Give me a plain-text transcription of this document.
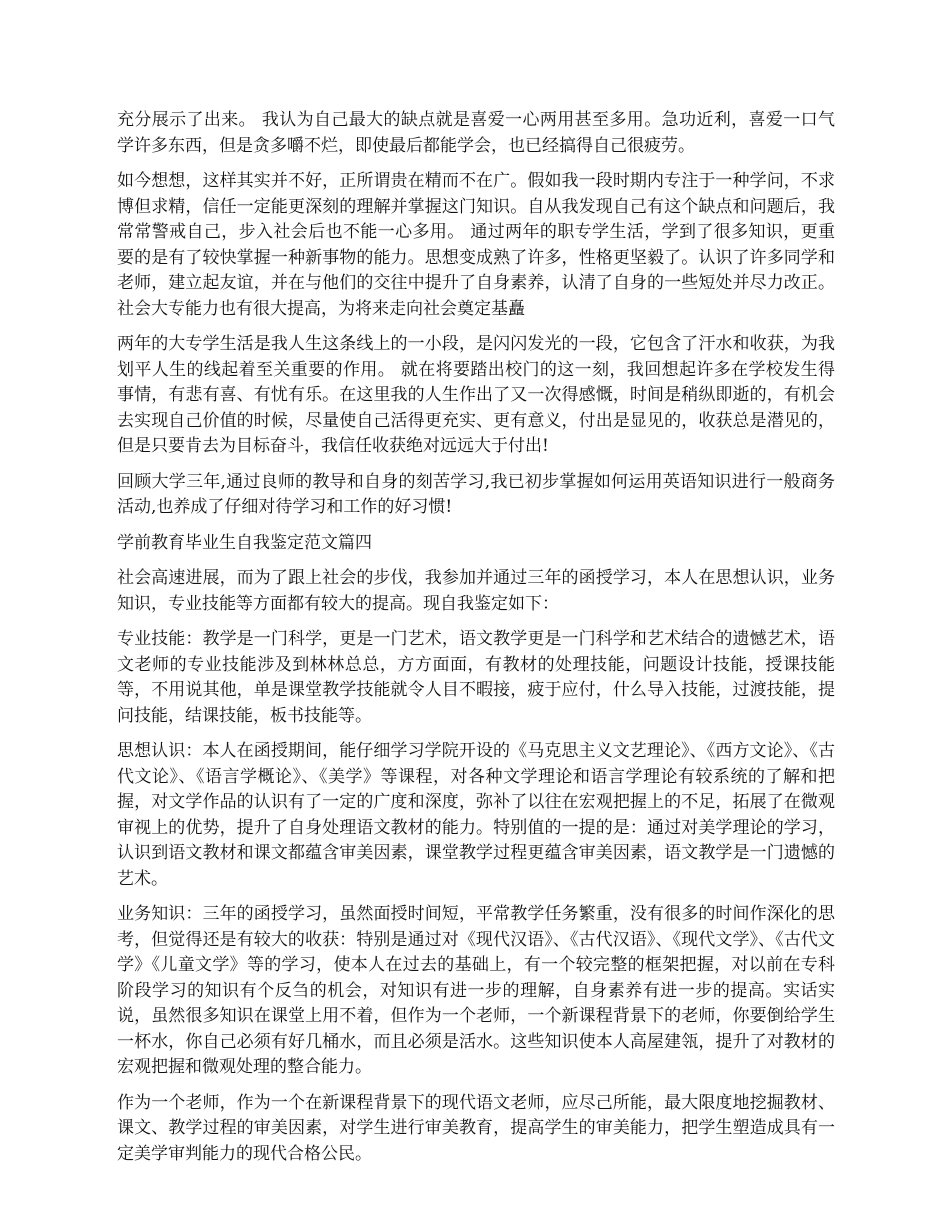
充分展示了出来。 我认为自己最大的缺点就是喜爱一心两用甚至多用。急功近利，喜爱一口气学许多东西，但是贪多嚼不烂，即使最后都能学会，也已经搞得自己很疲劳。

如今想想，这样其实并不好，正所谓贵在精而不在广。假如我一段时期内专注于一种学问，不求博但求精，信任一定能更深刻的理解并掌握这门知识。自从我发现自己有这个缺点和问题后，我常常警戒自己，步入社会后也不能一心多用。 通过两年的职专学生活，学到了很多知识，更重要的是有了较快掌握一种新事物的能力。思想变成熟了许多，性格更坚毅了。认识了许多同学和老师，建立起友谊，并在与他们的交往中提升了自身素养，认清了自身的一些短处并尽力改正。社会大专能力也有很大提高，为将来走向社会奠定基矗

两年的大专学生活是我人生这条线上的一小段，是闪闪发光的一段，它包含了汗水和收获，为我划平人生的线起着至关重要的作用。 就在将要踏出校门的这一刻，我回想起许多在学校发生得事情，有悲有喜、有忧有乐。在这里我的人生作出了又一次得感慨，时间是稍纵即逝的，有机会去实现自己价值的时候，尽量使自己活得更充实、更有意义，付出是显见的，收获总是潜见的，但是只要肯去为目标奋斗，我信任收获绝对远远大于付出!

回顾大学三年,通过良师的教导和自身的刻苦学习,我已初步掌握如何运用英语知识进行一般商务活动,也养成了仔细对待学习和工作的好习惯!

学前教育毕业生自我鉴定范文篇四

社会高速进展，而为了跟上社会的步伐，我参加并通过三年的函授学习，本人在思想认识，业务知识，专业技能等方面都有较大的提高。现自我鉴定如下：

专业技能：教学是一门科学，更是一门艺术，语文教学更是一门科学和艺术结合的遗憾艺术，语文老师的专业技能涉及到林林总总，方方面面，有教材的处理技能，问题设计技能，授课技能等，不用说其他，单是课堂教学技能就令人目不暇接，疲于应付，什么导入技能，过渡技能，提问技能，结课技能，板书技能等。

思想认识：本人在函授期间，能仔细学习学院开设的《马克思主义文艺理论》、《西方文论》、《古代文论》、《语言学概论》、《美学》等课程，对各种文学理论和语言学理论有较系统的了解和把握，对文学作品的认识有了一定的广度和深度，弥补了以往在宏观把握上的不足，拓展了在微观审视上的优势，提升了自身处理语文教材的能力。特别值的一提的是：通过对美学理论的学习，认识到语文教材和课文都蕴含审美因素，课堂教学过程更蕴含审美因素，语文教学是一门遗憾的艺术。

业务知识：三年的函授学习，虽然面授时间短，平常教学任务繁重，没有很多的时间作深化的思考，但觉得还是有较大的收获：特别是通过对《现代汉语》、《古代汉语》、《现代文学》、《古代文学》《儿童文学》等的学习，使本人在过去的基础上，有一个较完整的框架把握，对以前在专科阶段学习的知识有个反刍的机会，对知识有进一步的理解，自身素养有进一步的提高。实话实说，虽然很多知识在课堂上用不着，但作为一个老师，一个新课程背景下的老师，你要倒给学生一杯水，你自己必须有好几桶水，而且必须是活水。这些知识使本人高屋建瓴，提升了对教材的宏观把握和微观处理的整合能力。

作为一个老师，作为一个在新课程背景下的现代语文老师，应尽己所能，最大限度地挖掘教材、课文、教学过程的审美因素，对学生进行审美教育，提高学生的审美能力，把学生塑造成具有一定美学审判能力的现代合格公民。
